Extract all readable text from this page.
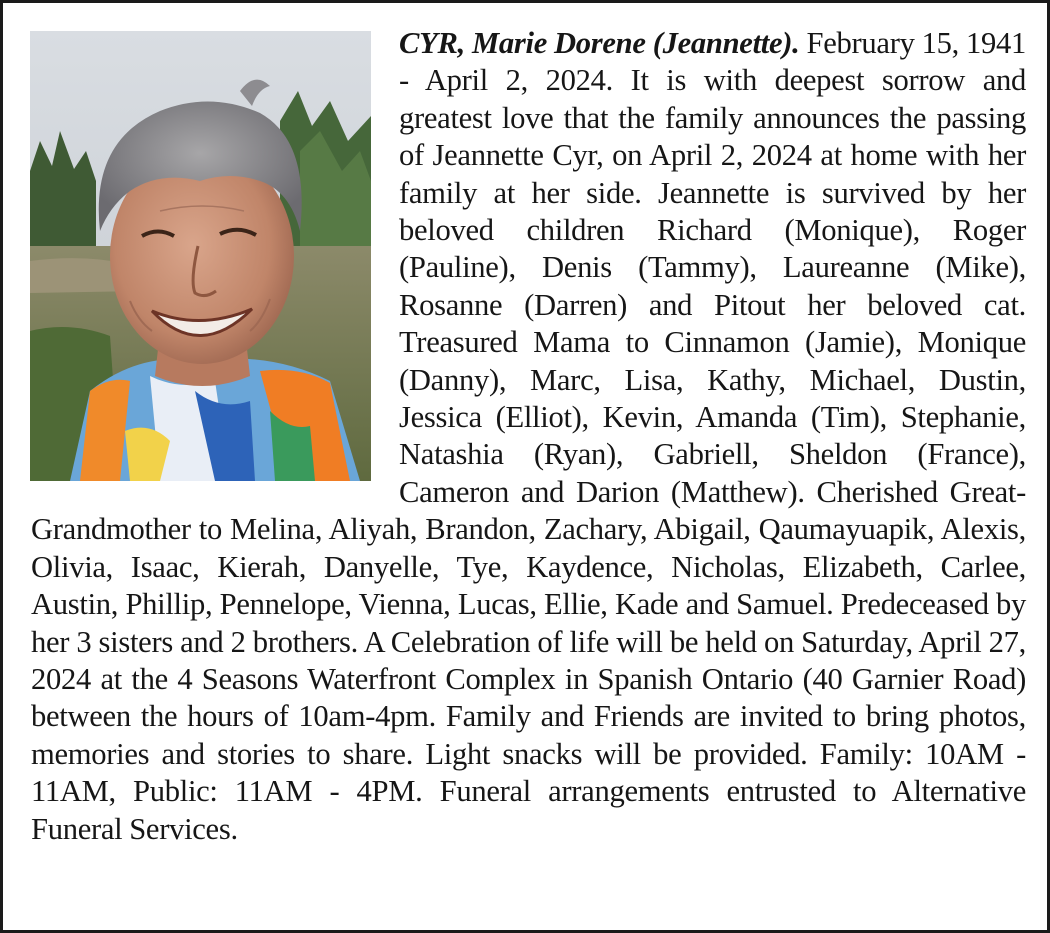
CYR, Marie Dorene (Jeannette). February 15, 1941 - April 2, 2024. It is with deepest sorrow and greatest love that the family announces the passing of Jeannette Cyr, on April 2, 2024 at home with her family at her side. Jeannette is survived by her beloved children Richard (Monique), Roger (Pauline), Denis (Tammy), Laureanne (Mike), Rosanne (Darren) and Pitout her beloved cat. Treasured Mama to Cinnamon (Jamie), Monique (Danny), Marc, Lisa, Kathy, Michael, Dustin, Jessica (Elliot), Kevin, Amanda (Tim), Stephanie, Natashia (Ryan), Gabriell, Sheldon (France), Cameron and Darion (Matthew). Cherished Great-Grandmother to Melina, Aliyah, Brandon, Zachary, Abigail, Qaumayuapik, Alexis, Olivia, Isaac, Kierah, Danyelle, Tye, Kaydence, Nicholas, Elizabeth, Carlee, Austin, Phillip, Pennelope, Vienna, Lucas, Ellie, Kade and Samuel. Predeceased by her 3 sisters and 2 brothers. A Celebration of life will be held on Saturday, April 27, 2024 at the 4 Seasons Waterfront Complex in Spanish Ontario (40 Garnier Road) between the hours of 10am-4pm. Family and Friends are invited to bring photos, memories and stories to share. Light snacks will be provided. Family: 10AM - 11AM, Public: 11AM - 4PM. Funeral arrangements entrusted to Alternative Funeral Services.
